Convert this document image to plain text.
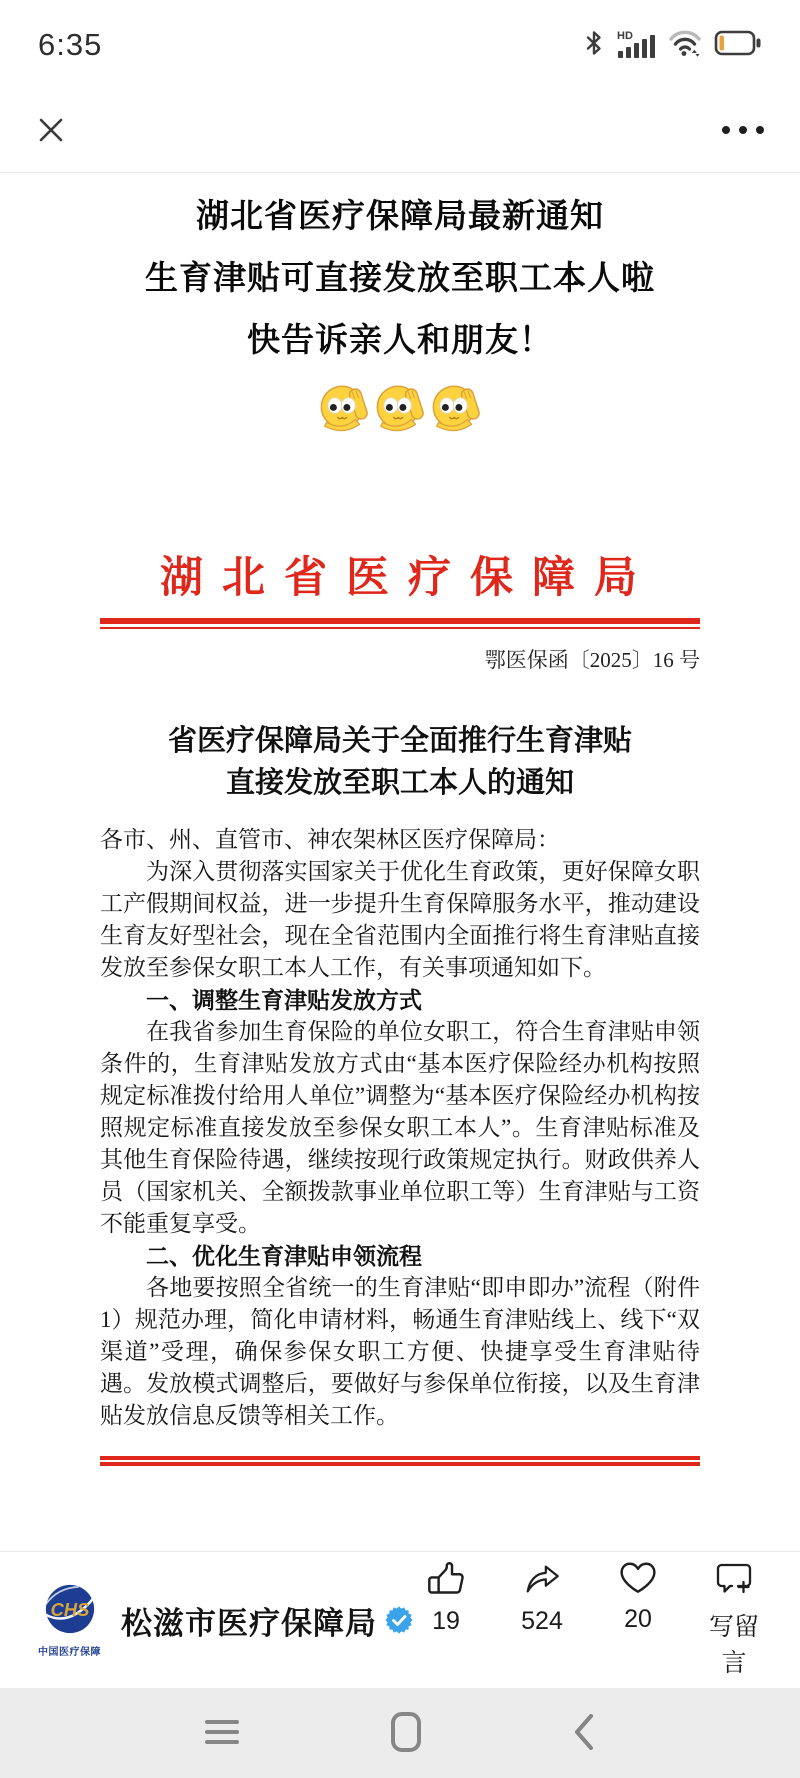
6:35	HD

湖北省医疗保障局最新通知

生育津贴可直接发放至职工本人啦

快告诉亲人和朋友！

湖北省医疗保障局
鄂医保函〔2025〕16 号

省医疗保障局关于全面推行生育津贴

直接发放至职工本人的通知

各市、州、直管市、神农架林区医疗保障局：

为深入贯彻落实国家关于优化生育政策，更好保障女职工产假期间权益，进一步提升生育保障服务水平，推动建设生育友好型社会，现在全省范围内全面推行将生育津贴直接发放至参保女职工本人工作，有关事项通知如下。

一、调整生育津贴发放方式

在我省参加生育保险的单位女职工，符合生育津贴申领条件的，生育津贴发放方式由“基本医疗保险经办机构按照规定标准拨付给用人单位”调整为“基本医疗保险经办机构按照规定标准直接发放至参保女职工本人”。生育津贴标准及其他生育保险待遇，继续按现行政策规定执行。财政供养人员（国家机关、全额拨款事业单位职工等）生育津贴与工资不能重复享受。

二、优化生育津贴申领流程

各地要按照全省统一的生育津贴“即申即办”流程（附件 1）规范办理，简化申请材料，畅通生育津贴线上、线下“双渠道”受理，确保参保女职工方便、快捷享受生育津贴待遇。发放模式调整后，要做好与参保单位衔接，以及生育津贴发放信息反馈等相关工作。

CHS
中国医疗保障
松滋市医疗保障局 19 524 20	写留言
